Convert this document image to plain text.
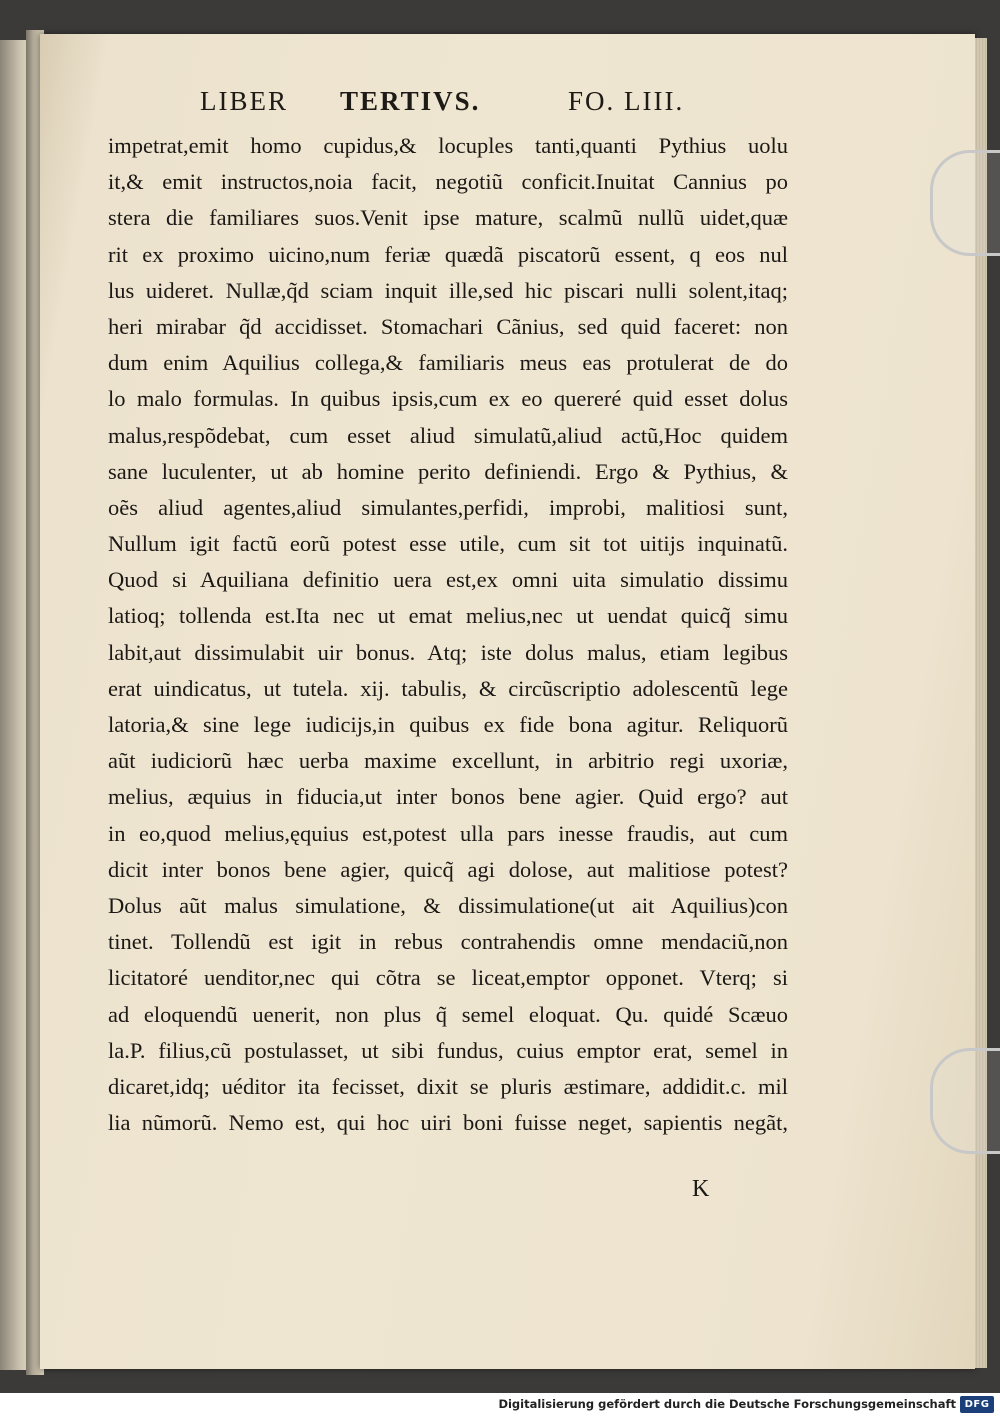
LIBER TERTIVS.	FO. LIII.
impetrat,emit homo cupidus,& locuples tanti,quanti Pythius uolu
it,& emit instructos,noia facit, negotiũ conficit.Inuitat Cannius po
stera die familiares suos.Venit ipse mature, scalmũ nullũ uidet,quæ
rit ex proximo uicino,num feriæ quædã piscatorũ essent, q eos nul
lus uideret. Nullæ,q̃d sciam inquit ille,sed hic piscari nulli solent,itaq;
heri mirabar q̃d accidisset. Stomachari Cãnius, sed quid faceret: non
dum enim Aquilius collega,& familiaris meus eas protulerat de do
lo malo formulas. In quibus ipsis,cum ex eo quereré quid esset dolus
malus,respõdebat, cum esset aliud simulatũ,aliud actũ,Hoc quidem
sane luculenter, ut ab homine perito definiendi. Ergo & Pythius, &
oẽs aliud agentes,aliud simulantes,perfidi, improbi, malitiosi sunt,
Nullum igit factũ eorũ potest esse utile, cum sit tot uitijs inquinatũ.
Quod si Aquiliana definitio uera est,ex omni uita simulatio dissimu
latioq; tollenda est.Ita nec ut emat melius,nec ut uendat quicq̃ simu
labit,aut dissimulabit uir bonus. Atq; iste dolus malus, etiam legibus
erat uindicatus, ut tutela. xij. tabulis, & circũscriptio adolescentũ lege
latoria,& sine lege iudicijs,in quibus ex fide bona agitur. Reliquorũ
aũt iudiciorũ hæc uerba maxime excellunt, in arbitrio regi uxoriæ,
melius, æquius in fiducia,ut inter bonos bene agier. Quid ergo? aut
in eo,quod melius,ęquius est,potest ulla pars inesse fraudis, aut cum
dicit inter bonos bene agier, quicq̃ agi dolose, aut malitiose potest?
Dolus aũt malus simulatione, & dissimulatione(ut ait Aquilius)con
tinet. Tollendũ est igit in rebus contrahendis omne mendaciũ,non
licitatoré uenditor,nec qui cõtra se liceat,emptor opponet. Vterq; si
ad eloquendũ uenerit, non plus q̃ semel eloquat. Qu. quidé Scæuo
la.P. filius,cũ postulasset, ut sibi fundus, cuius emptor erat, semel in
dicaret,idq; uéditor ita fecisset, dixit se pluris æstimare, addidit.c. mil
lia nũmorũ. Nemo est, qui hoc uiri boni fuisse neget, sapientis negãt,
K
Digitalisierung gefördert durch die Deutsche Forschungsgemeinschaft DFG
